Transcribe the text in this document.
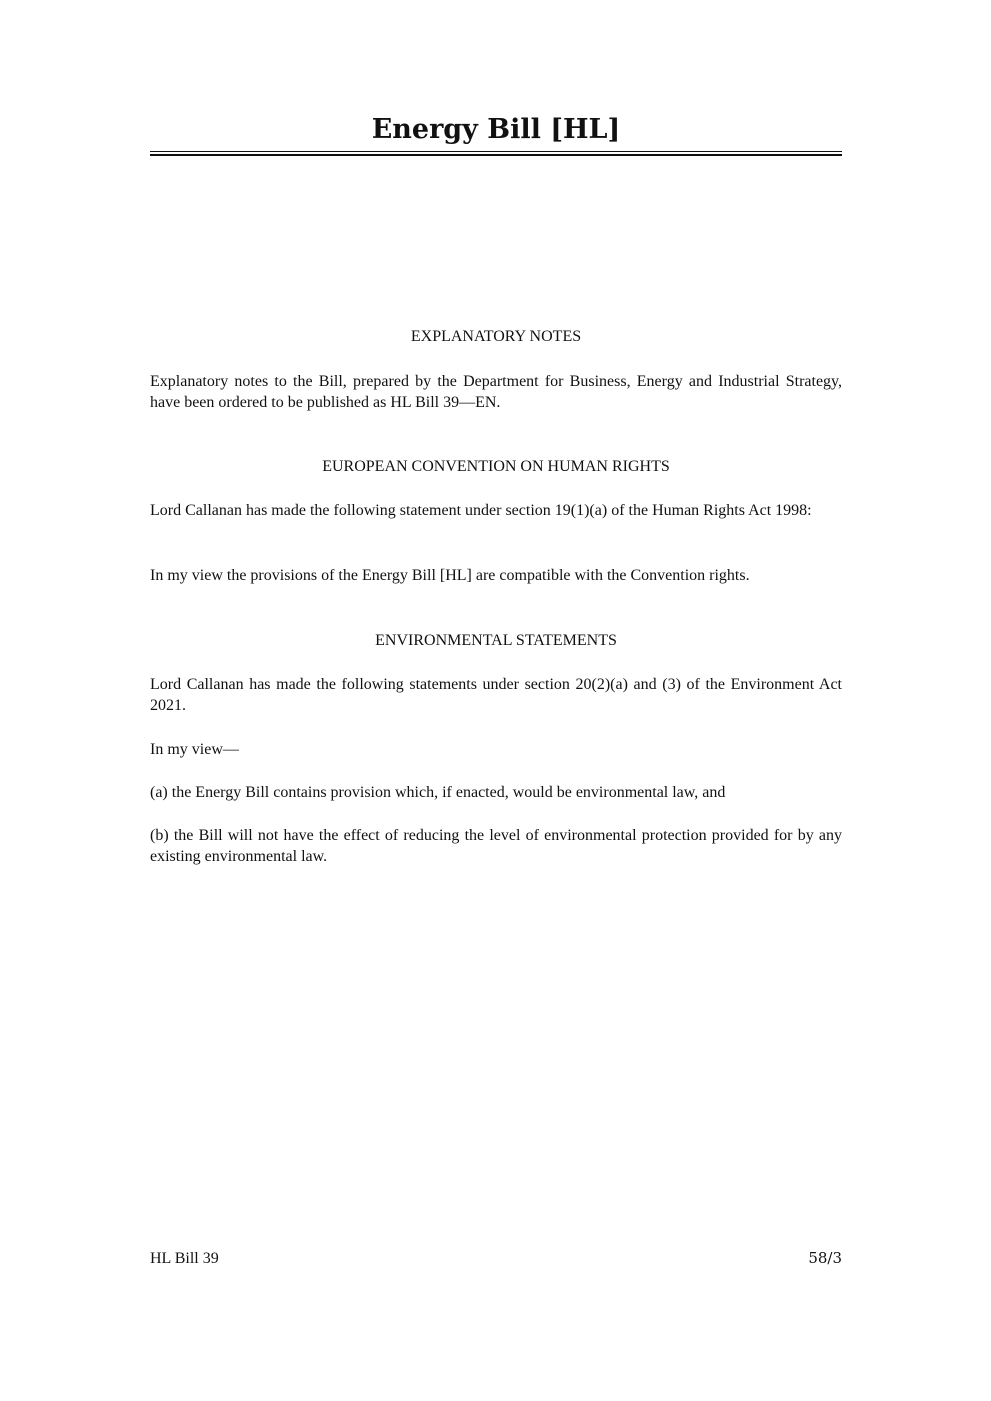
Energy Bill [HL]
EXPLANATORY NOTES

Explanatory notes to the Bill, prepared by the Department for Business, Energy and Industrial Strategy, have been ordered to be published as HL Bill 39—EN.

EUROPEAN CONVENTION ON HUMAN RIGHTS

Lord Callanan has made the following statement under section 19(1)(a) of the Human Rights Act 1998:

In my view the provisions of the Energy Bill [HL] are compatible with the Convention rights.

ENVIRONMENTAL STATEMENTS

Lord Callanan has made the following statements under section 20(2)(a) and (3) of the Environment Act 2021.

In my view—

(a) the Energy Bill contains provision which, if enacted, would be environmental law, and

(b) the Bill will not have the effect of reducing the level of environmental protection provided for by any existing environmental law.

HL Bill 39	58/3
